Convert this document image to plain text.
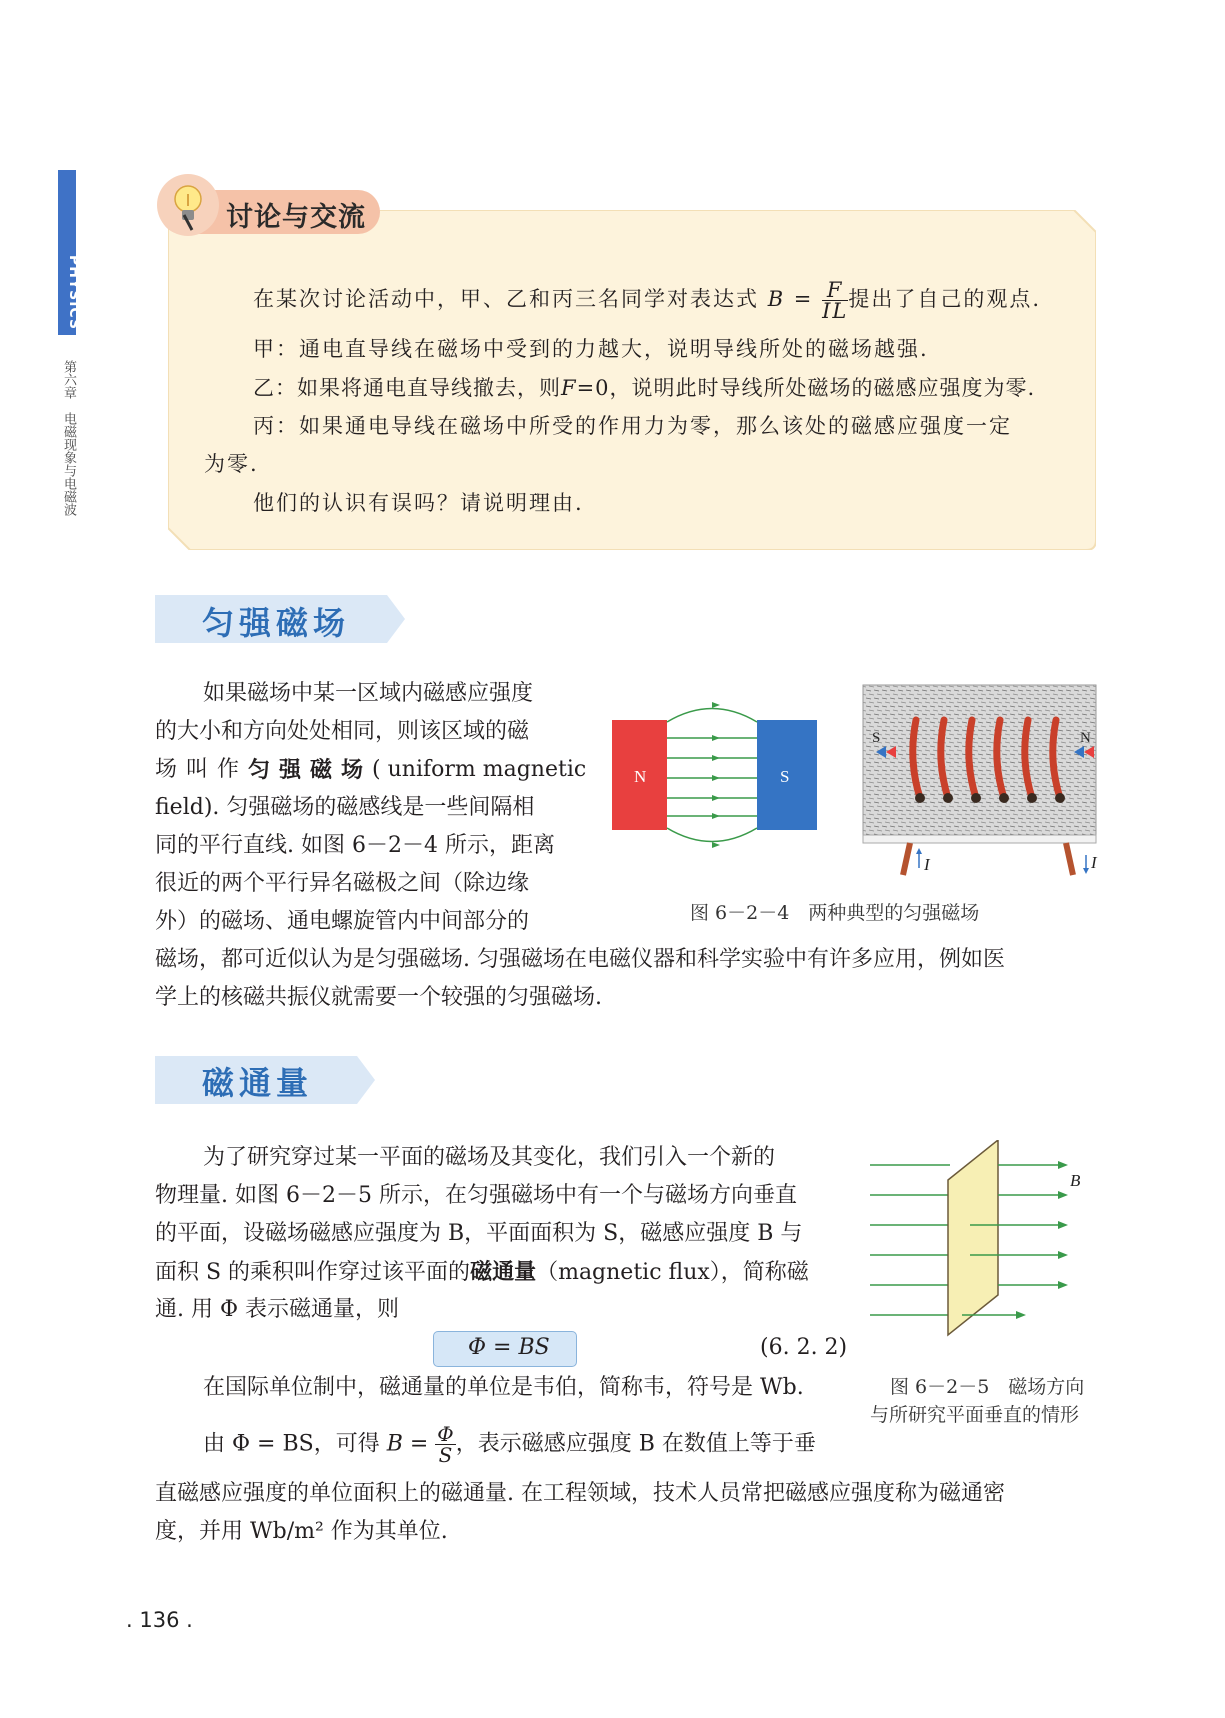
PHYSICS
第六章　电磁现象与电磁波
讨论与交流
在某次讨论活动中，甲、乙和丙三名同学对表达式 $B = \frac{F}{IL}$ 提出了自己的观点.
甲：通电直导线在磁场中受到的力越大，说明导线所处的磁场越强.
乙：如果将通电直导线撤去，则F=0，说明此时导线所处磁场的磁感应强度为零.
丙：如果通电导线在磁场中所受的作用力为零，那么该处的磁感应强度一定
为零.
他们的认识有误吗？请说明理由.
匀强磁场
如果磁场中某一区域内磁感应强度
的大小和方向处处相同，则该区域的磁
场叫作 匀强磁场 ( uniform magnetic
field). 匀强磁场的磁感线是一些间隔相
同的平行直线. 如图 6－2－4 所示，距离
很近的两个平行异名磁极之间（除边缘
外）的磁场、通电螺旋管内中间部分的
磁场，都可近似认为是匀强磁场. 匀强磁场在电磁仪器和科学实验中有许多应用，例如医
学上的核磁共振仪就需要一个较强的匀强磁场.
N	S
S	N
I	I
图 6－2－4　两种典型的匀强磁场
磁通量
为了研究穿过某一平面的磁场及其变化，我们引入一个新的
物理量. 如图 6－2－5 所示，在匀强磁场中有一个与磁场方向垂直
的平面，设磁场磁感应强度为 B，平面面积为 S，磁感应强度 B 与
面积 S 的乘积叫作穿过该平面的磁通量（magnetic flux），简称磁
通. 用 Φ 表示磁通量，则
Φ = BS	(6. 2. 2)
在国际单位制中，磁通量的单位是韦伯，简称韦，符号是 Wb.
由 Φ = BS，可得 $B = \frac{\Phi}{S}$ ，表示磁感应强度 B 在数值上等于垂
直磁感应强度的单位面积上的磁通量. 在工程领域，技术人员常把磁感应强度称为磁通密
度，并用 Wb/m² 作为其单位.
B
图 6－2－5　磁场方向
与所研究平面垂直的情形
. 136 .
